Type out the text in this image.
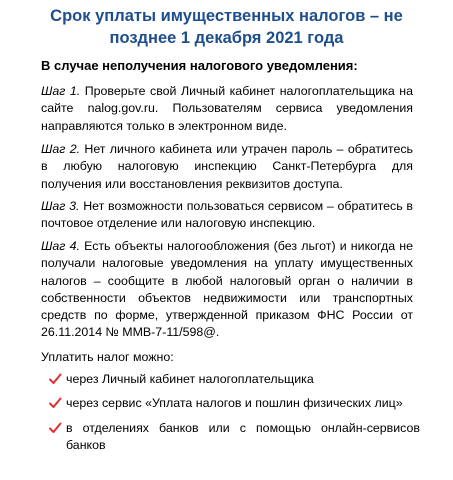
Срок уплаты имущественных налогов – не
позднее 1 декабря 2021 года
В случае неполучения налогового уведомления:
Шаг 1. Проверьте свой Личный кабинет налогоплательщика на сайте nalog.gov.ru. Пользователям сервиса уведомления направляются только в электронном виде.
Шаг 2. Нет личного кабинета или утрачен пароль – обратитесь в любую налоговую инспекцию Санкт-Петербурга для получения или восстановления реквизитов доступа.
Шаг 3. Нет возможности пользоваться сервисом – обратитесь в почтовое отделение или налоговую инспекцию.
Шаг 4. Есть объекты налогообложения (без льгот) и никогда не получали налоговые уведомления на уплату имущественных налогов – сообщите в любой налоговый орган о наличии в собственности объектов недвижимости или транспортных средств по форме, утвержденной приказом ФНС России от 26.11.2014 № ММВ-7-11/598@.
Уплатить налог можно:
через Личный кабинет налогоплательщика
через сервис «Уплата налогов и пошлин физических лиц»
в отделениях банков или с помощью онлайн-сервисов банков
